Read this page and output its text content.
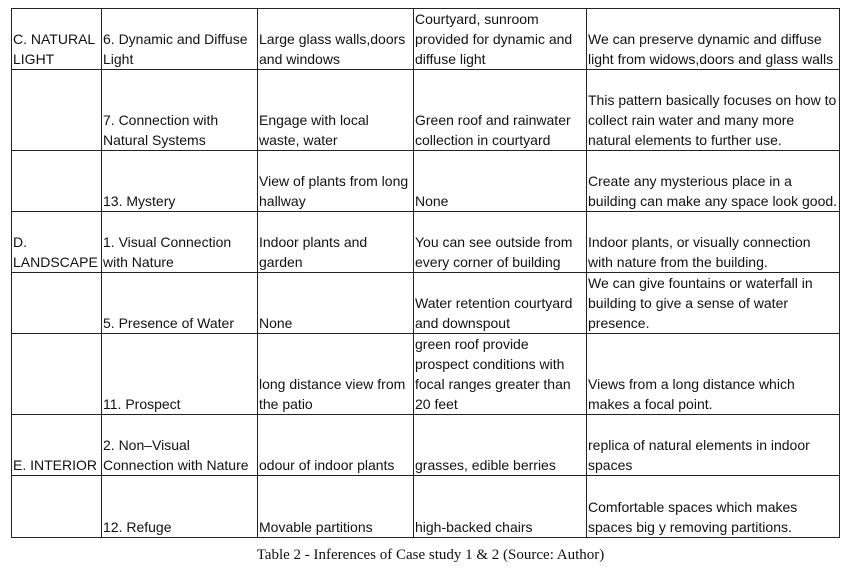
C. NATURAL LIGHT	6. Dynamic and Diffuse Light	Large glass walls,doors and windows	Courtyard, sunroom provided for dynamic and diffuse light	We can preserve dynamic and diffuse light from widows,doors and glass walls
	7. Connection with Natural Systems	Engage with local waste, water	Green roof and rainwater collection in courtyard	This pattern basically focuses on how to collect rain water and many more natural elements to further use.
	13. Mystery	View of plants from long hallway	None	Create any mysterious place in a building can make any space look good.
D. LANDSCAPE	1. Visual Connection with Nature	Indoor plants and garden	You can see outside from every corner of building	Indoor plants, or visually connection with nature from the building.
	5. Presence of Water	None	Water retention courtyard and downspout	We can give fountains or waterfall in building to give a sense of water presence.
	11. Prospect	long distance view from the patio	green roof provide prospect conditions with focal ranges greater than 20 feet	Views from a long distance which makes a focal point.
E. INTERIOR	2. Non–Visual Connection with Nature	odour of indoor plants	grasses, edible berries	replica of natural elements in indoor spaces
	12. Refuge	Movable partitions	high-backed chairs	Comfortable spaces which makes spaces big y removing partitions.
Table 2 - Inferences of Case study 1 & 2 (Source: Author)
